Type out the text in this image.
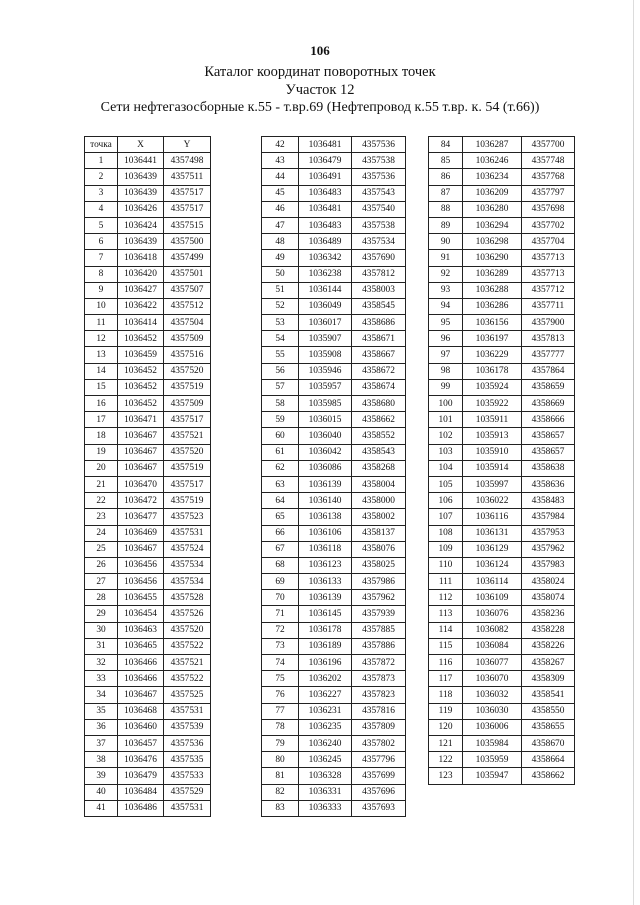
106
Каталог координат поворотных точек
Участок 12
Сети нефтегазосборные к.55 - т.вр.69 (Нефтепровод к.55 т.вр. к. 54 (т.66))
точка	X	Y
1	1036441	4357498
2	1036439	4357511
3	1036439	4357517
4	1036426	4357517
5	1036424	4357515
6	1036439	4357500
7	1036418	4357499
8	1036420	4357501
9	1036427	4357507
10	1036422	4357512
11	1036414	4357504
12	1036452	4357509
13	1036459	4357516
14	1036452	4357520
15	1036452	4357519
16	1036452	4357509
17	1036471	4357517
18	1036467	4357521
19	1036467	4357520
20	1036467	4357519
21	1036470	4357517
22	1036472	4357519
23	1036477	4357523
24	1036469	4357531
25	1036467	4357524
26	1036456	4357534
27	1036456	4357534
28	1036455	4357528
29	1036454	4357526
30	1036463	4357520
31	1036465	4357522
32	1036466	4357521
33	1036466	4357522
34	1036467	4357525
35	1036468	4357531
36	1036460	4357539
37	1036457	4357536
38	1036476	4357535
39	1036479	4357533
40	1036484	4357529
41	1036486	4357531
42	1036481	4357536
43	1036479	4357538
44	1036491	4357536
45	1036483	4357543
46	1036481	4357540
47	1036483	4357538
48	1036489	4357534
49	1036342	4357690
50	1036238	4357812
51	1036144	4358003
52	1036049	4358545
53	1036017	4358686
54	1035907	4358671
55	1035908	4358667
56	1035946	4358672
57	1035957	4358674
58	1035985	4358680
59	1036015	4358662
60	1036040	4358552
61	1036042	4358543
62	1036086	4358268
63	1036139	4358004
64	1036140	4358000
65	1036138	4358002
66	1036106	4358137
67	1036118	4358076
68	1036123	4358025
69	1036133	4357986
70	1036139	4357962
71	1036145	4357939
72	1036178	4357885
73	1036189	4357886
74	1036196	4357872
75	1036202	4357873
76	1036227	4357823
77	1036231	4357816
78	1036235	4357809
79	1036240	4357802
80	1036245	4357796
81	1036328	4357699
82	1036331	4357696
83	1036333	4357693
84	1036287	4357700
85	1036246	4357748
86	1036234	4357768
87	1036209	4357797
88	1036280	4357698
89	1036294	4357702
90	1036298	4357704
91	1036290	4357713
92	1036289	4357713
93	1036288	4357712
94	1036286	4357711
95	1036156	4357900
96	1036197	4357813
97	1036229	4357777
98	1036178	4357864
99	1035924	4358659
100	1035922	4358669
101	1035911	4358666
102	1035913	4358657
103	1035910	4358657
104	1035914	4358638
105	1035997	4358636
106	1036022	4358483
107	1036116	4357984
108	1036131	4357953
109	1036129	4357962
110	1036124	4357983
111	1036114	4358024
112	1036109	4358074
113	1036076	4358236
114	1036082	4358228
115	1036084	4358226
116	1036077	4358267
117	1036070	4358309
118	1036032	4358541
119	1036030	4358550
120	1036006	4358655
121	1035984	4358670
122	1035959	4358664
123	1035947	4358662
